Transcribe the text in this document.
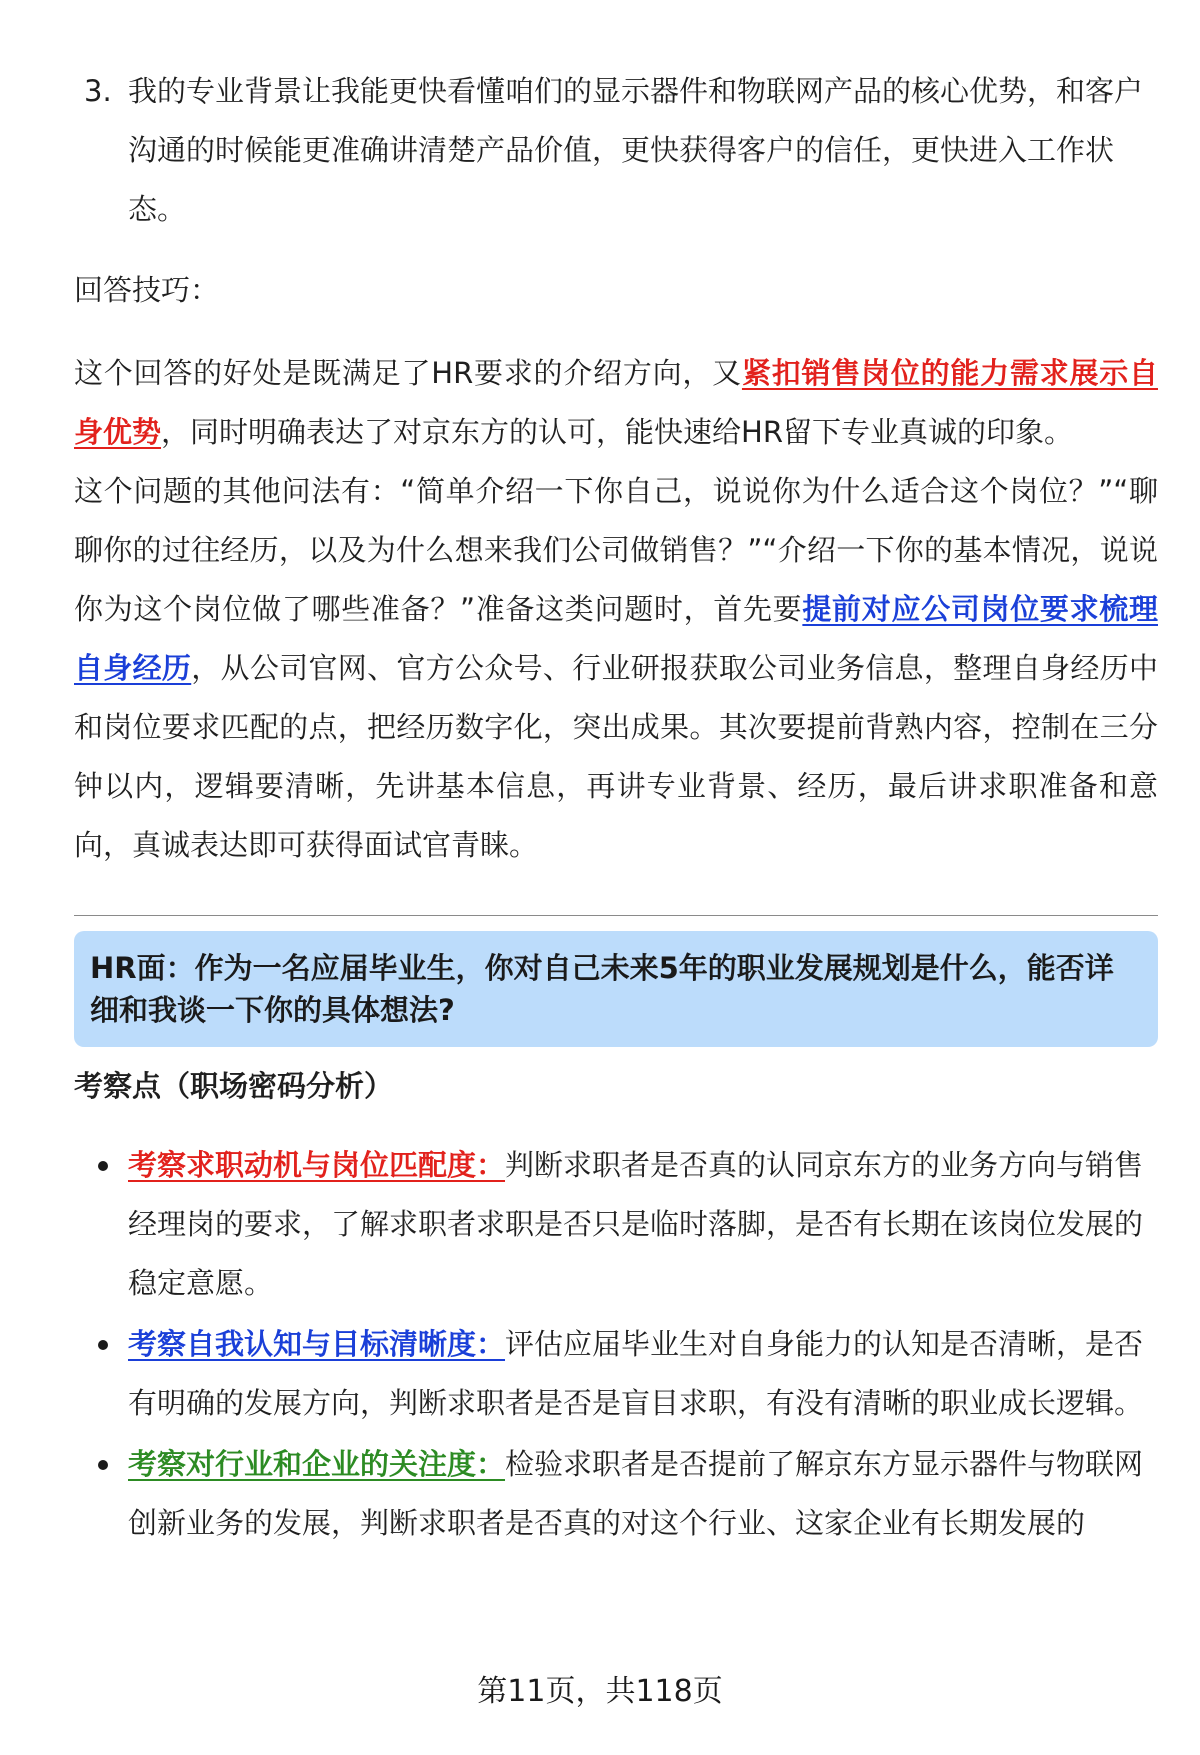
3. 我的专业背景让我能更快看懂咱们的显示器件和物联网产品的核心优势，和客户沟通的时候能更准确讲清楚产品价值，更快获得客户的信任，更快进入工作状态。
回答技巧：
这个回答的好处是既满足了HR要求的介绍方向，又紧扣销售岗位的能力需求展示自身优势，同时明确表达了对京东方的认可，能快速给HR留下专业真诚的印象。
这个问题的其他问法有：“简单介绍一下你自己，说说你为什么适合这个岗位？”“聊聊你的过往经历，以及为什么想来我们公司做销售？”“介绍一下你的基本情况，说说你为这个岗位做了哪些准备？”准备这类问题时，首先要提前对应公司岗位要求梳理自身经历，从公司官网、官方公众号、行业研报获取公司业务信息，整理自身经历中和岗位要求匹配的点，把经历数字化，突出成果。其次要提前背熟内容，控制在三分钟以内，逻辑要清晰，先讲基本信息，再讲专业背景、经历，最后讲求职准备和意向，真诚表达即可获得面试官青睐。
HR面：作为一名应届毕业生，你对自己未来5年的职业发展规划是什么，能否详细和我谈一下你的具体想法?
考察点（职场密码分析）
考察求职动机与岗位匹配度：判断求职者是否真的认同京东方的业务方向与销售经理岗的要求，了解求职者求职是否只是临时落脚，是否有长期在该岗位发展的稳定意愿。
考察自我认知与目标清晰度：评估应届毕业生对自身能力的认知是否清晰，是否有明确的发展方向，判断求职者是否是盲目求职，有没有清晰的职业成长逻辑。
考察对行业和企业的关注度：检验求职者是否提前了解京东方显示器件与物联网创新业务的发展，判断求职者是否真的对这个行业、这家企业有长期发展的
第11页，共118页
